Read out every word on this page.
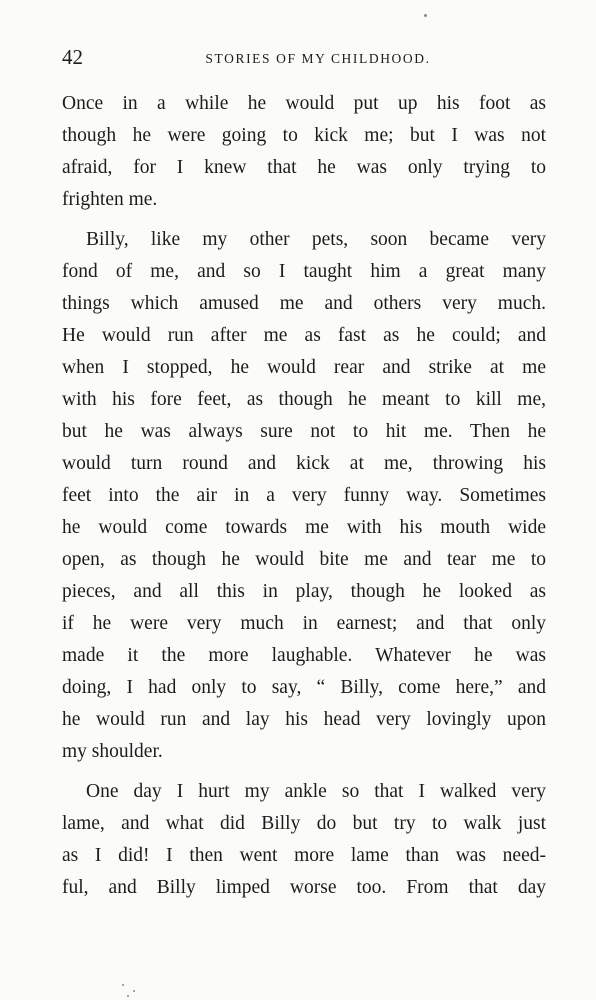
42	STORIES OF MY CHILDHOOD.
Once in a while he would put up his foot as
though he were going to kick me; but I was not
afraid, for I knew that he was only trying to
frighten me.
Billy, like my other pets, soon became very
fond of me, and so I taught him a great many
things which amused me and others very much.
He would run after me as fast as he could; and
when I stopped, he would rear and strike at me
with his fore feet, as though he meant to kill me,
but he was always sure not to hit me. Then he
would turn round and kick at me, throwing his
feet into the air in a very funny way. Sometimes
he would come towards me with his mouth wide
open, as though he would bite me and tear me to
pieces, and all this in play, though he looked as
if he were very much in earnest; and that only
made it the more laughable. Whatever he was
doing, I had only to say, “ Billy, come here,” and
he would run and lay his head very lovingly upon
my shoulder.
One day I hurt my ankle so that I walked very
lame, and what did Billy do but try to walk just
as I did! I then went more lame than was need-
ful, and Billy limped worse too. From that day
